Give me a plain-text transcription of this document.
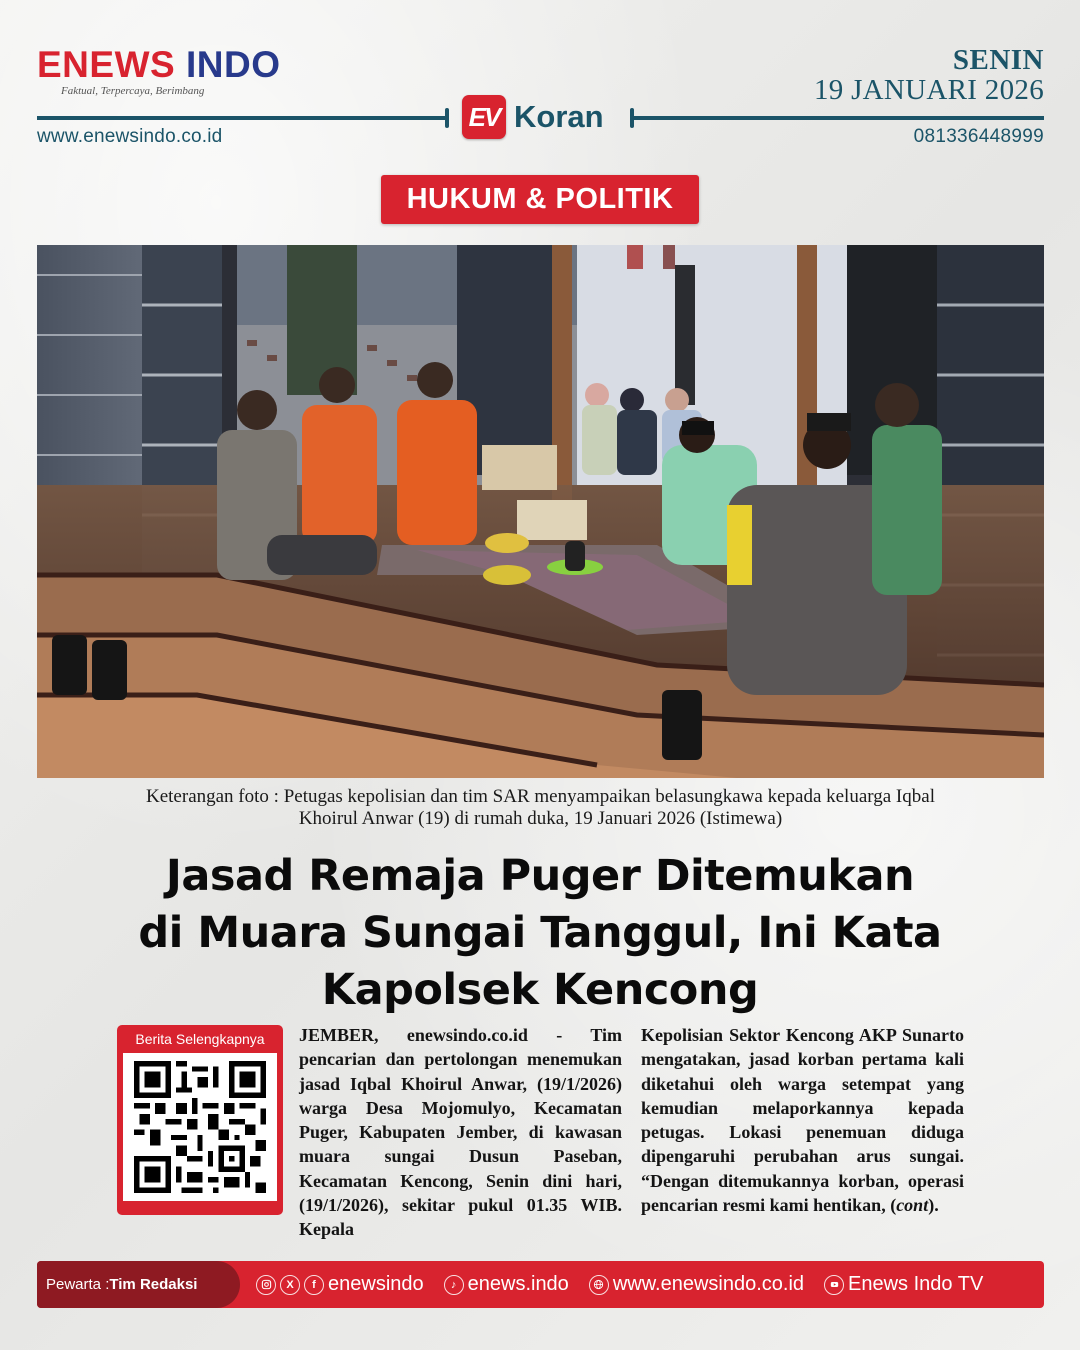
ENEWS INDO
Faktual, Terpercaya, Berimbang
www.enewsindo.co.id
EV Koran
SENIN
19 JANUARI 2026
081336448999
HUKUM & POLITIK
Keterangan foto : Petugas kepolisian dan tim SAR menyampaikan belasungkawa kepada keluarga Iqbal
Khoirul Anwar (19) di rumah duka, 19 Januari 2026 (Istimewa)
Jasad Remaja Puger Ditemukan
di Muara Sungai Tanggul, Ini Kata
Kapolsek Kencong
Berita Selengkapnya	JEMBER, enewsindo.co.id - Tim pencarian dan pertolongan menemukan jasad Iqbal Khoirul Anwar, (19/1/2026) warga Desa Mojomulyo, Kecamatan Puger, Kabupaten Jember, di kawasan muara sungai Dusun Paseban, Kecamatan Kencong, Senin dini hari, (19/1/2026), sekitar pukul 01.35 WIB. Kepala
Kepolisian Sektor Kencong AKP Sunarto mengatakan, jasad korban pertama kali diketahui oleh warga setempat yang kemudian melaporkannya kepada petugas. Lokasi penemuan diduga dipengaruhi perubahan arus sungai. “Dengan ditemukannya korban, operasi pencarian resmi kami hentikan, (cont).
Pewarta : Tim Redaksi	X	f enewsindo	♪ enews.indo www.enewsindo.co.id Enews Indo TV
